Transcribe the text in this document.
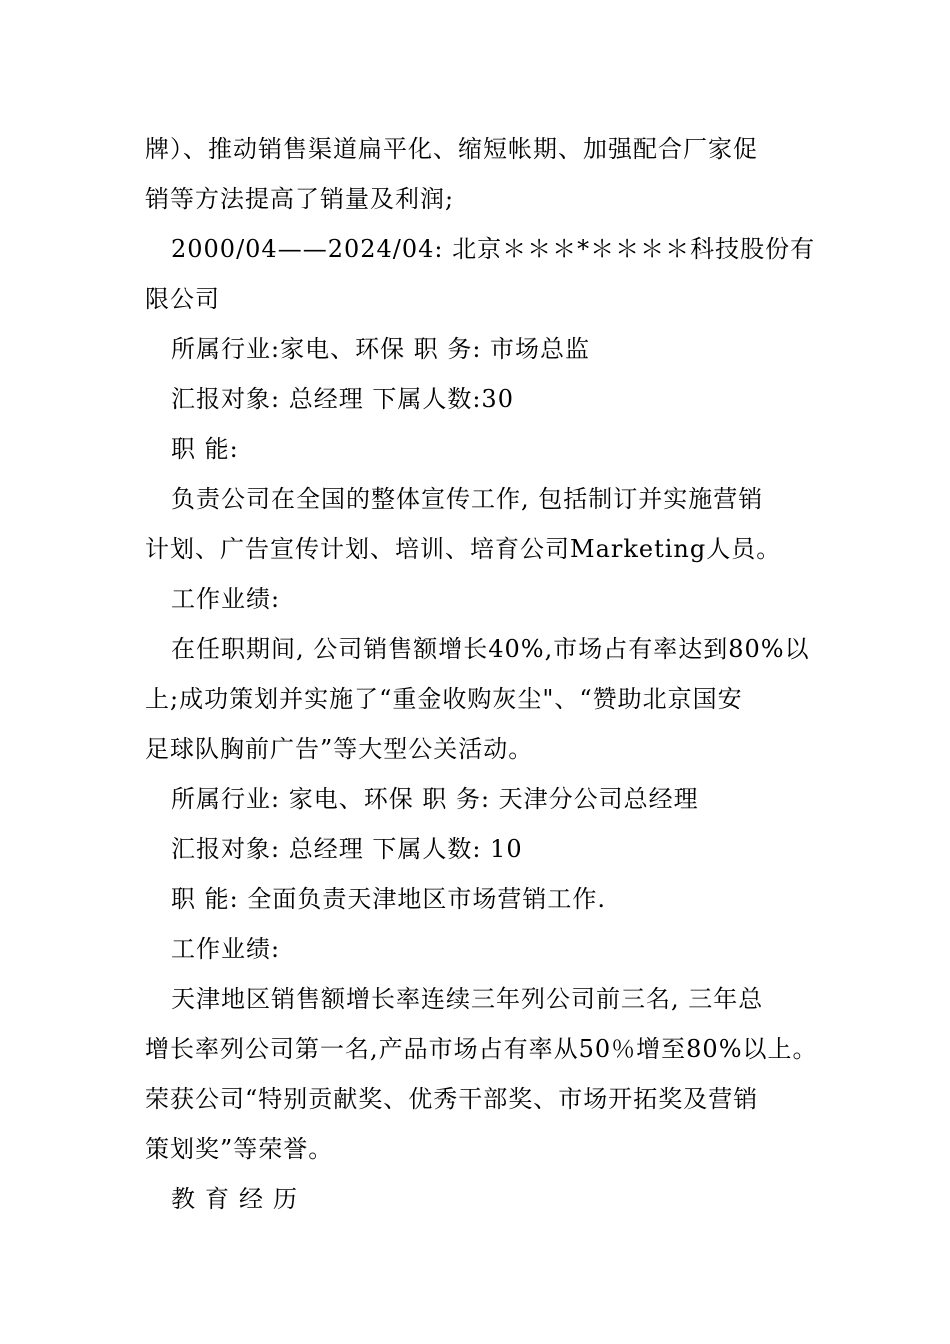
牌）、推动销售渠道扁平化、缩短帐期、加强配合厂家促
销等方法提高了销量及利润;
2000/04——2024/04: 北京＊＊＊*＊＊＊＊科技股份有
限公司
所属行业:家电、环保 职 务: 市场总监
汇报对象: 总经理 下属人数:30
职 能:
负责公司在全国的整体宣传工作, 包括制订并实施营销
计划、广告宣传计划、培训、培育公司Marketing人员。
工作业绩:
在任职期间, 公司销售额增长40%,市场占有率达到80%以
上;成功策划并实施了“重金收购灰尘"、“赞助北京国安
足球队胸前广告”等大型公关活动。
所属行业: 家电、环保 职 务: 天津分公司总经理
汇报对象: 总经理 下属人数: 10
职 能: 全面负责天津地区市场营销工作.
工作业绩:
天津地区销售额增长率连续三年列公司前三名, 三年总
增长率列公司第一名,产品市场占有率从50％增至80%以上。
荣获公司“特别贡献奖、优秀干部奖、市场开拓奖及营销
策划奖”等荣誉。
教育经历
